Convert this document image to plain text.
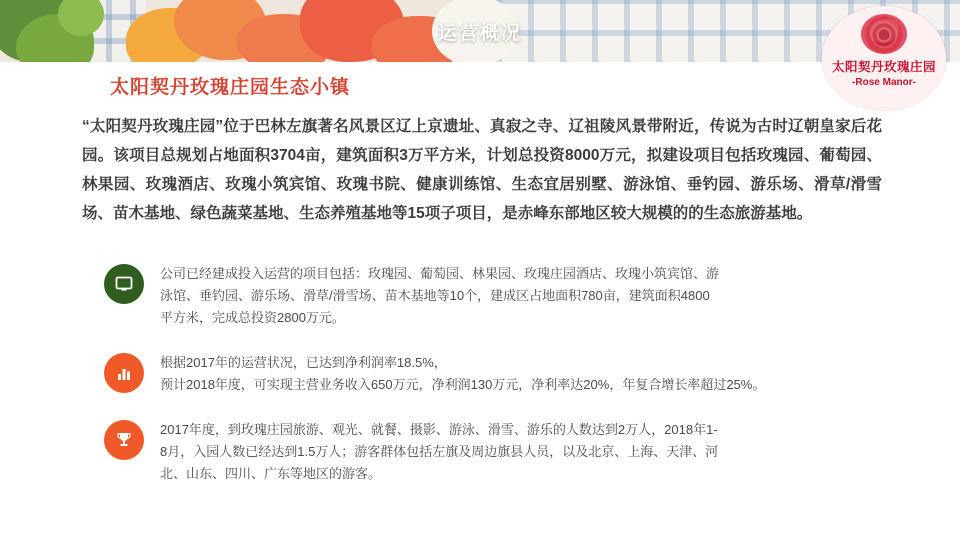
运营概况
太阳契丹玫瑰庄园
-Rose Manor-
太阳契丹玫瑰庄园生态小镇
“太阳契丹玫瑰庄园”位于巴林左旗著名风景区辽上京遗址、真寂之寺、辽祖陵风景带附近，传说为古时辽朝皇家后花园。该项目总规划占地面积3704亩，建筑面积3万平方米，计划总投资8000万元，拟建设项目包括玫瑰园、葡萄园、林果园、玫瑰酒店、玫瑰小筑宾馆、玫瑰书院、健康训练馆、生态宜居别墅、游泳馆、垂钓园、游乐场、滑草/滑雪场、苗木基地、绿色蔬菜基地、生态养殖基地等15项子项目，是赤峰东部地区较大规模的的生态旅游基地。
公司已经建成投入运营的项目包括：玫瑰园、葡萄园、林果园、玫瑰庄园酒店、玫瑰小筑宾馆、游
泳馆、垂钓园、游乐场、滑草/滑雪场、苗木基地等10个，建成区占地面积780亩，建筑面积4800
平方米，完成总投资2800万元。
根据2017年的运营状况，已达到净利润率18.5%，
预计2018年度，可实现主营业务收入650万元，净利润130万元，净利率达20%，年复合增长率超过25%。
2017年度，到玫瑰庄园旅游、观光、就餐、摄影、游泳、滑雪、游乐的人数达到2万人，2018年1-
8月，入园人数已经达到1.5万人；游客群体包括左旗及周边旗县人员，以及北京、上海、天津、河
北、山东、四川、广东等地区的游客。
